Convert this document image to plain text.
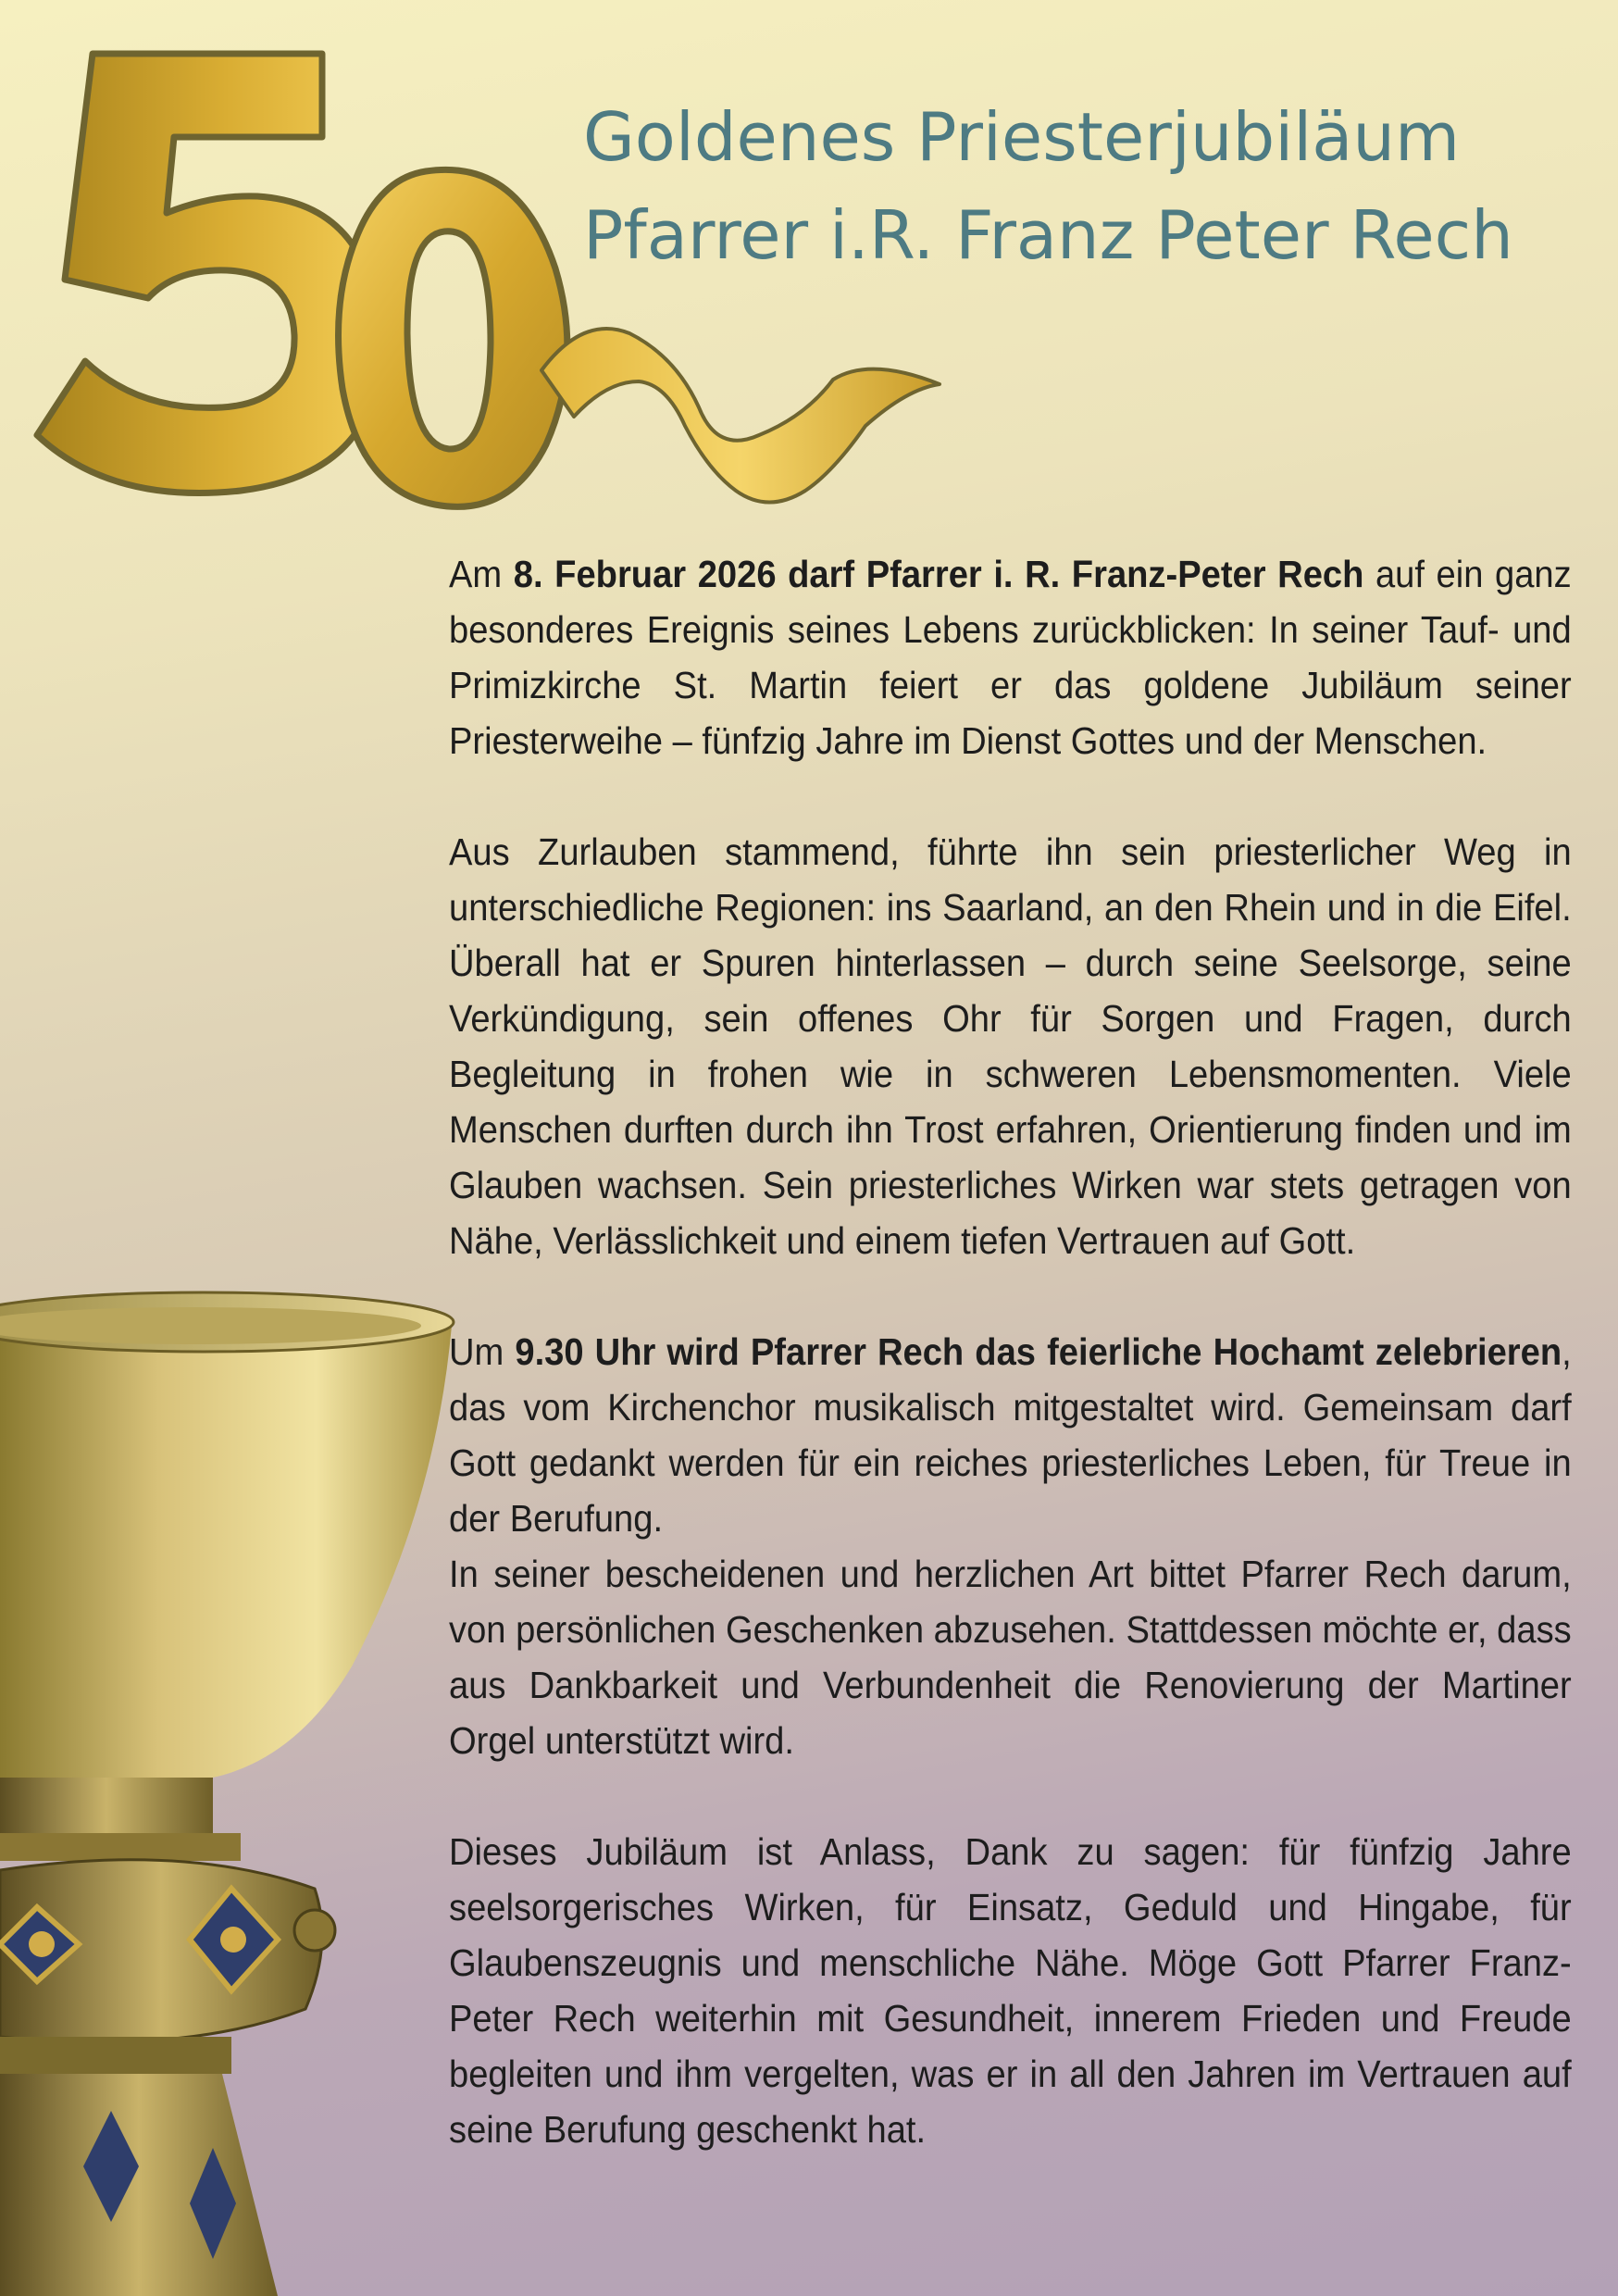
Goldenes Priesterjubiläum
Pfarrer i.R. Franz Peter Rech

Am 8. Februar 2026 darf Pfarrer i. R. Franz-Peter Rech auf ein ganz besonderes Ereignis seines Lebens zurückblicken: In seiner Tauf- und Primizkirche St. Martin feiert er das goldene Jubiläum seiner Priesterweihe – fünfzig Jahre im Dienst Gottes und der Menschen.

Aus Zurlauben stammend, führte ihn sein priesterlicher Weg in unterschiedliche Regionen: ins Saarland, an den Rhein und in die Eifel. Überall hat er Spuren hinterlassen – durch seine Seelsorge, seine Verkündigung, sein offenes Ohr für Sorgen und Fragen, durch Begleitung in frohen wie in schweren Lebensmomenten. Viele Menschen durften durch ihn Trost erfahren, Orientierung finden und im Glauben wachsen. Sein priesterliches Wirken war stets getragen von Nähe, Verlässlichkeit und einem tiefen Vertrauen auf Gott.

Um 9.30 Uhr wird Pfarrer Rech das feierliche Hochamt zelebrieren, das vom Kirchenchor musikalisch mitgestaltet wird. Gemeinsam darf Gott gedankt werden für ein reiches priesterliches Leben, für Treue in der Berufung.

In seiner bescheidenen und herzlichen Art bittet Pfarrer Rech darum, von persönlichen Geschenken abzusehen. Stattdessen möchte er, dass aus Dankbarkeit und Verbundenheit die Renovierung der Martiner Orgel unterstützt wird.

Dieses Jubiläum ist Anlass, Dank zu sagen: für fünfzig Jahre seelsorgerisches Wirken, für Einsatz, Geduld und Hingabe, für Glaubenszeugnis und menschliche Nähe. Möge Gott Pfarrer Franz-Peter Rech weiterhin mit Gesundheit, innerem Frieden und Freude begleiten und ihm vergelten, was er in all den Jahren im Vertrauen auf seine Berufung geschenkt hat.
